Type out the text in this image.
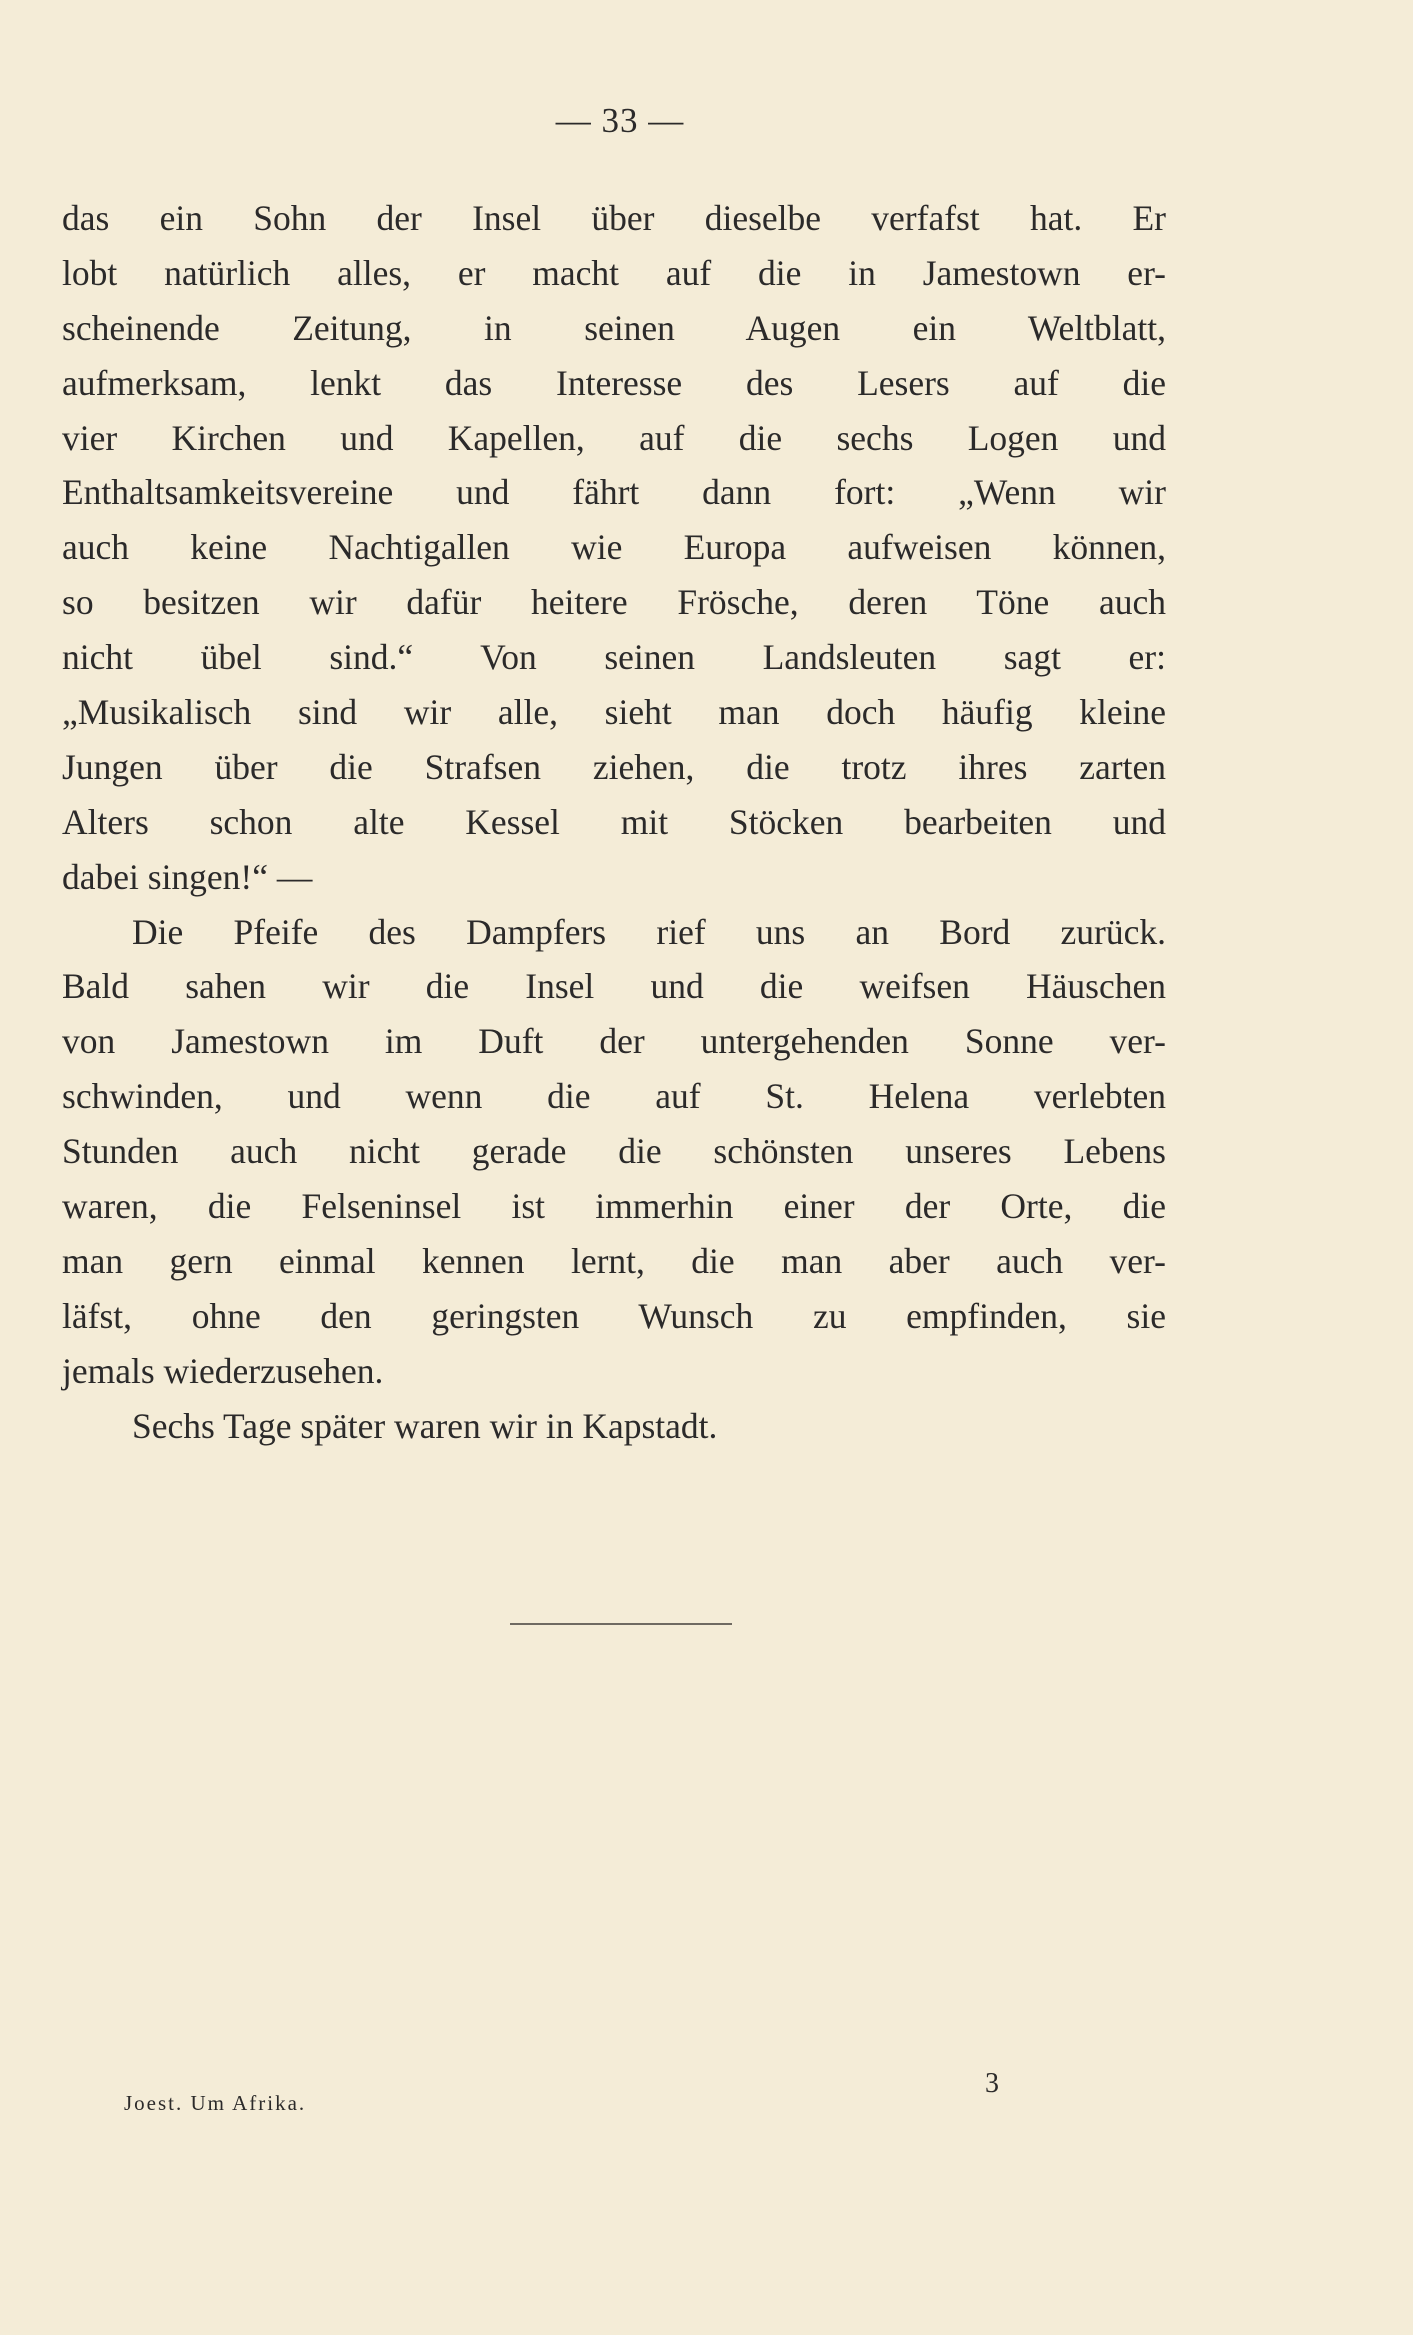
— 33 —
das ein Sohn der Insel über dieselbe verfafst hat. Er
lobt natürlich alles, er macht auf die in Jamestown er-
scheinende Zeitung, in seinen Augen ein Weltblatt,
aufmerksam, lenkt das Interesse des Lesers auf die
vier Kirchen und Kapellen, auf die sechs Logen und
Enthaltsamkeitsvereine und fährt dann fort: „Wenn wir
auch keine Nachtigallen wie Europa aufweisen können,
so besitzen wir dafür heitere Frösche, deren Töne auch
nicht übel sind.“ Von seinen Landsleuten sagt er:
„Musikalisch sind wir alle, sieht man doch häufig kleine
Jungen über die Strafsen ziehen, die trotz ihres zarten
Alters schon alte Kessel mit Stöcken bearbeiten und
dabei singen!“ —
Die Pfeife des Dampfers rief uns an Bord zurück.
Bald sahen wir die Insel und die weifsen Häuschen
von Jamestown im Duft der untergehenden Sonne ver-
schwinden, und wenn die auf St. Helena verlebten
Stunden auch nicht gerade die schönsten unseres Lebens
waren, die Felseninsel ist immerhin einer der Orte, die
man gern einmal kennen lernt, die man aber auch ver-
läfst, ohne den geringsten Wunsch zu empfinden, sie
jemals wiederzusehen.
Sechs Tage später waren wir in Kapstadt.
Joest. Um Afrika.
3
